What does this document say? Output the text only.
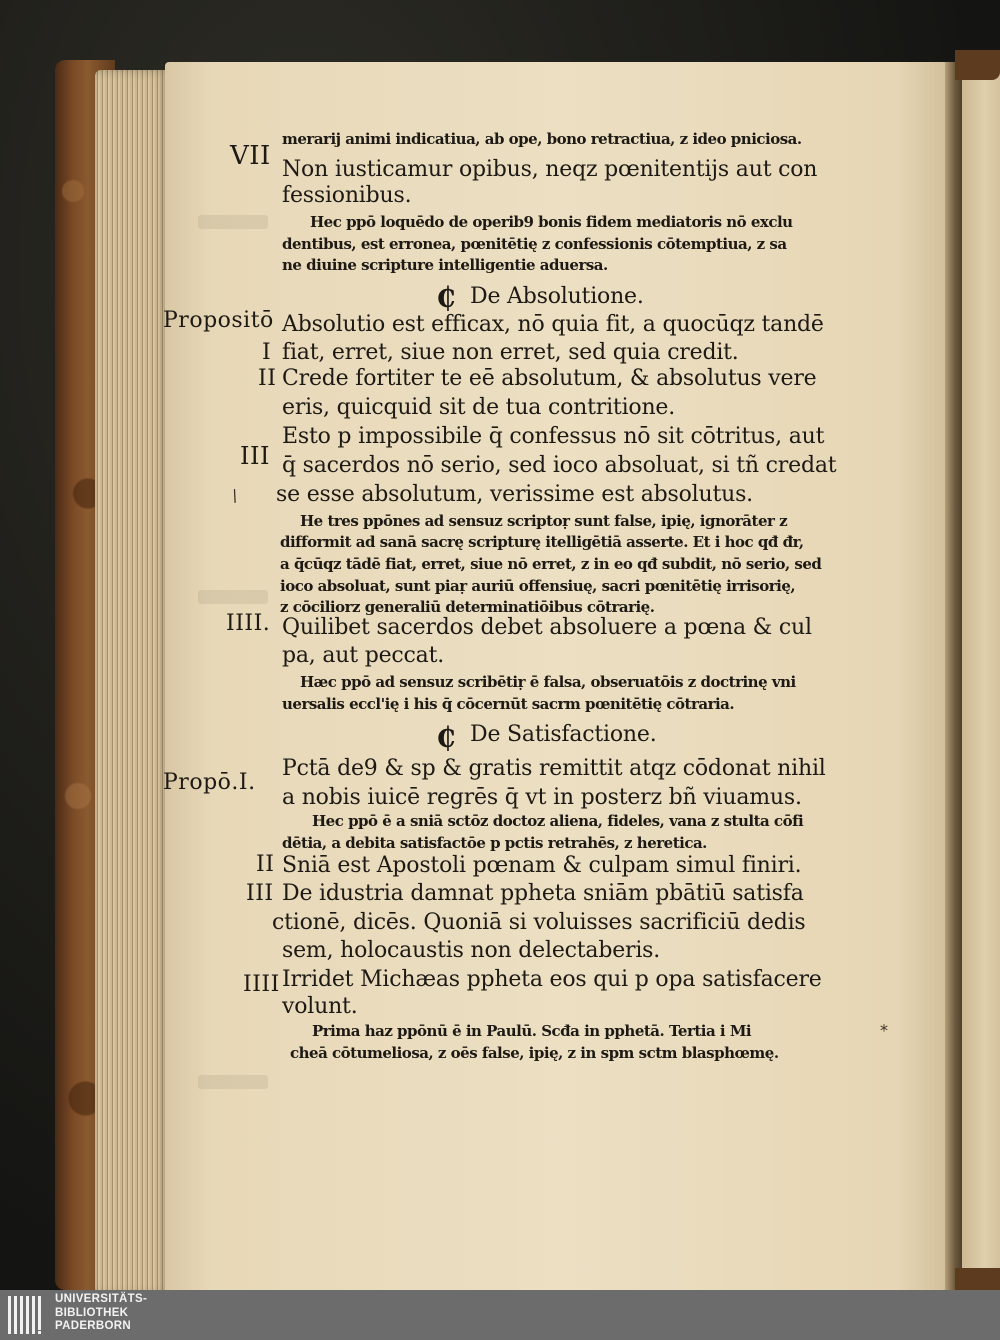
VII
Propositō
I
II
III
IIII.
Propō.I.
II
III
IIII
₵
₵
merarij animi indicatiua, ab ope, bono retractiua, z ideo pniciosa.
Non iusticamur opibus, neqz pœnitentijs aut con
fessionibus.
Hec ppō loquēdo de operib9 bonis fidem mediatoris nō exclu
dentibus, est erronea, pœnitētię z confessionis cōtemptiua, z sa
ne diuine scripture intelligentie aduersa.
De Absolutione.
Absolutio est efficax, nō quia fit, a quocūqz tandē
fiat, erret, siue non erret, sed quia credit.
Crede fortiter te eē absolutum, & absolutus vere
eris, quicquid sit de tua contritione.
Esto p impossibile q̄ confessus nō sit cōtritus, aut
q̄ sacerdos nō serio, sed ioco absoluat, si tñ credat
se esse absolutum, verissime est absolutus.
He tres ppōnes ad sensuz scriptoṛ sunt false, ipię, ignorāter z
difformit ad sanā sacrę scripturę itelligētiā asserte. Et i hoc qđ đr,
a q̄cūqz tādē fiat, erret, siue nō erret, z in eo qđ subdit, nō serio, sed
ioco absoluat, sunt piaṛ auriū offensiuę, sacri pœnitētię irrisorię,
z cōciliorz generaliū determinatiōibus cōtrarię.
Quilibet sacerdos debet absoluere a pœna & cul
pa, aut peccat.
Hæc ppō ad sensuz scribētiṛ ē falsa, obseruatōis z doctrinę vni
uersalis eccl'ię i his q̄ cōcernūt sacrm pœnitētię cōtraria.
De Satisfactione.
Pctā de9 & sp & gratis remittit atqz cōdonat nihil
a nobis iuicē regrēs q̄ vt in posterz bñ viuamus.
Hec ppō ē a sniā sctōz doctoz aliena, fideles, vana z stulta cōfi
dētia, a debita satisfactōe p pctis retrahēs, z heretica.
Sniā est Apostoli pœnam & culpam simul finiri.
De idustria damnat ppheta sniām pbātiū satisfa
ctionē, dicēs. Quoniā si voluisses sacrificiū dedis
sem, holocaustis non delectaberis.
Irridet Michæas ppheta eos qui p opa satisfacere
volunt.
Prima haz ppōnū ē in Paulū. Scđa in pphetā. Tertia i Mi
cheā cōtumeliosa, z oēs false, ipię, z in spm sctm blasphœmę.
/
⁎
UNIVERSITÄTS-
BIBLIOTHEK
PADERBORN
